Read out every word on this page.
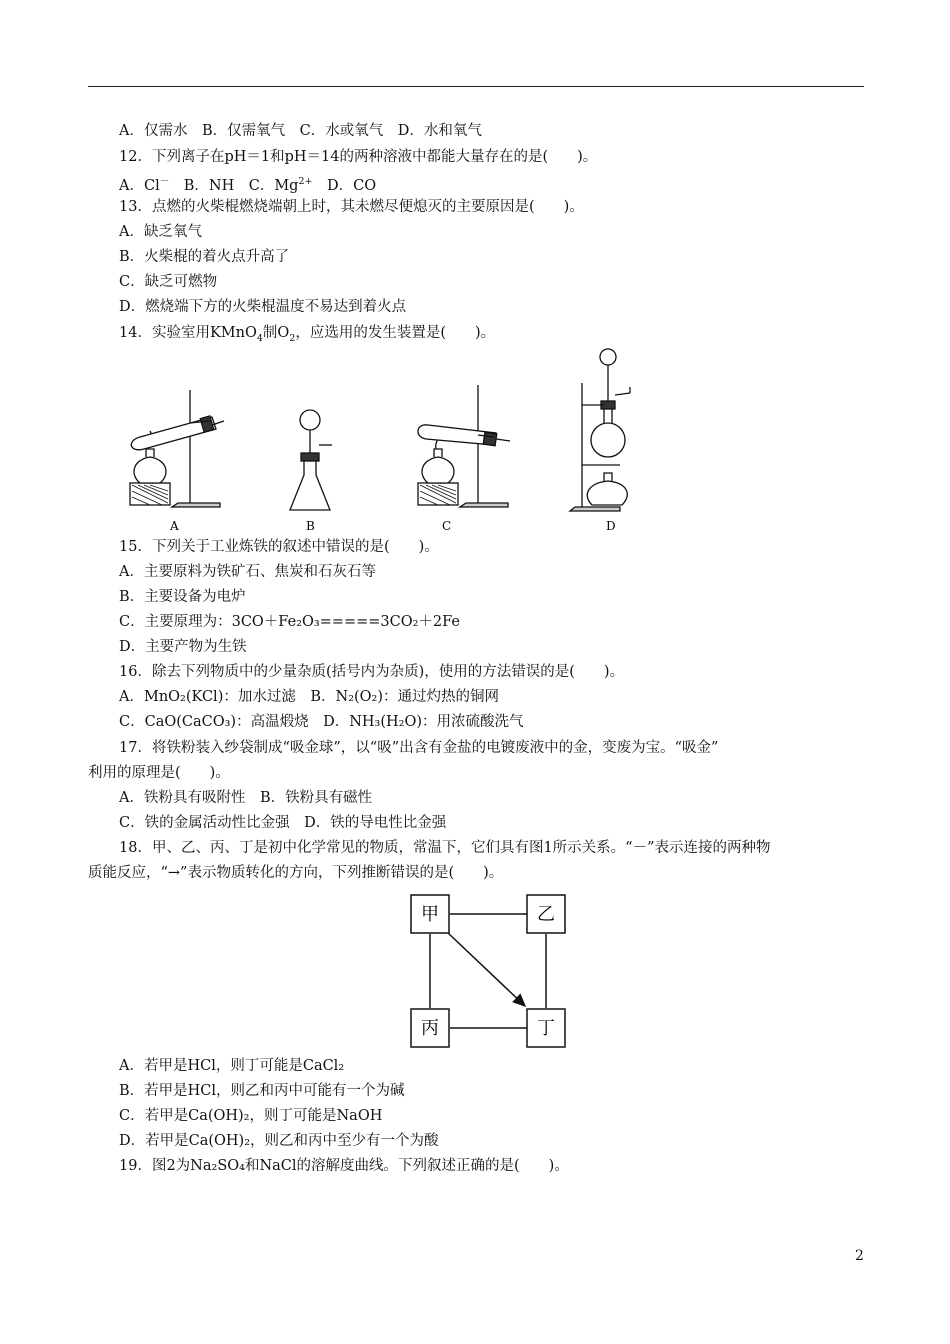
A．仅需水　B．仅需氧气　C．水或氧气　D．水和氧气
12．下列离子在pH＝1和pH＝14的两种溶液中都能大量存在的是(　　)。
A．Cl－　B．NH　C．$Mg^{2+}$　D．CO
13．点燃的火柴棍燃烧端朝上时，其未燃尽便熄灭的主要原因是(　　)。
A．缺乏氧气
B．火柴棍的着火点升高了
C．缺乏可燃物
D．燃烧端下方的火柴棍温度不易达到着火点
14．实验室用KMnO$_4$制$O_2$，应选用的发生装置是(　　)。
A	B	C	D
15．下列关于工业炼铁的叙述中错误的是(　　)。
A．主要原料为铁矿石、焦炭和石灰石等
B．主要设备为电炉
C．主要原理为：3CO＋Fe₂O₃=====3CO₂＋2Fe
D．主要产物为生铁
16．除去下列物质中的少量杂质(括号内为杂质)，使用的方法错误的是(　　)。
A．MnO₂(KCl)：加水过滤　B．N₂(O₂)：通过灼热的铜网
C．CaO(CaCO₃)：高温煅烧　D．NH₃(H₂O)：用浓硫酸洗气
17．将铁粉装入纱袋制成“吸金球”，以“吸”出含有金盐的电镀废液中的金，变废为宝。“吸金”
利用的原理是(　　)。
A．铁粉具有吸附性　B．铁粉具有磁性
C．铁的金属活动性比金强　D．铁的导电性比金强
18．甲、乙、丙、丁是初中化学常见的物质，常温下，它们具有图1所示关系。“－”表示连接的两种物
质能反应，“→”表示物质转化的方向，下列推断错误的是(　　)。
甲	乙
丙	丁
A．若甲是HCl，则丁可能是CaCl₂
B．若甲是HCl，则乙和丙中可能有一个为碱
C．若甲是Ca(OH)₂，则丁可能是NaOH
D．若甲是Ca(OH)₂，则乙和丙中至少有一个为酸
19．图2为Na₂SO₄和NaCl的溶解度曲线。下列叙述正确的是(　　)。
2
